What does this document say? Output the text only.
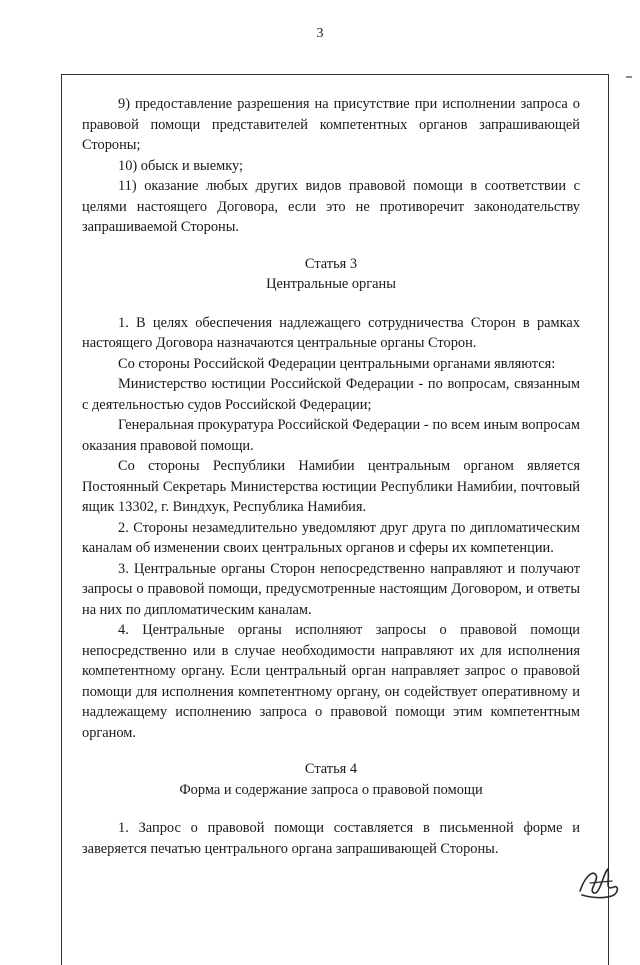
3

9) предоставление разрешения на присутствие при исполнении запроса о правовой помощи представителей компетентных органов запрашивающей Стороны;

10) обыск и выемку;

11) оказание любых других видов правовой помощи в соответствии с целями настоящего Договора, если это не противоречит законодательству запрашиваемой Стороны.

Статья 3

Центральные органы

1. В целях обеспечения надлежащего сотрудничества Сторон в рамках настоящего Договора назначаются центральные органы Сторон.

Со стороны Российской Федерации центральными органами являются:

Министерство юстиции Российской Федерации - по вопросам, связанным с деятельностью судов Российской Федерации;

Генеральная прокуратура Российской Федерации - по всем иным вопросам оказания правовой помощи.

Со стороны Республики Намибии центральным органом является Постоянный Секретарь Министерства юстиции Республики Намибии, почтовый ящик 13302, г. Виндхук, Республика Намибия.

2. Стороны незамедлительно уведомляют друг друга по дипломатическим каналам об изменении своих центральных органов и сферы их компетенции.

3. Центральные органы Сторон непосредственно направляют и получают запросы о правовой помощи, предусмотренные настоящим Договором, и ответы на них по дипломатическим каналам.

4. Центральные органы исполняют запросы о правовой помощи непосредственно или в случае необходимости направляют их для исполнения компетентному органу. Если центральный орган направляет запрос о правовой помощи для исполнения компетентному органу, он содействует оперативному и надлежащему исполнению запроса о правовой помощи этим компетентным органом.

Статья 4

Форма и содержание запроса о правовой помощи

1. Запрос о правовой помощи составляется в письменной форме и заверяется печатью центрального органа запрашивающей Стороны.
